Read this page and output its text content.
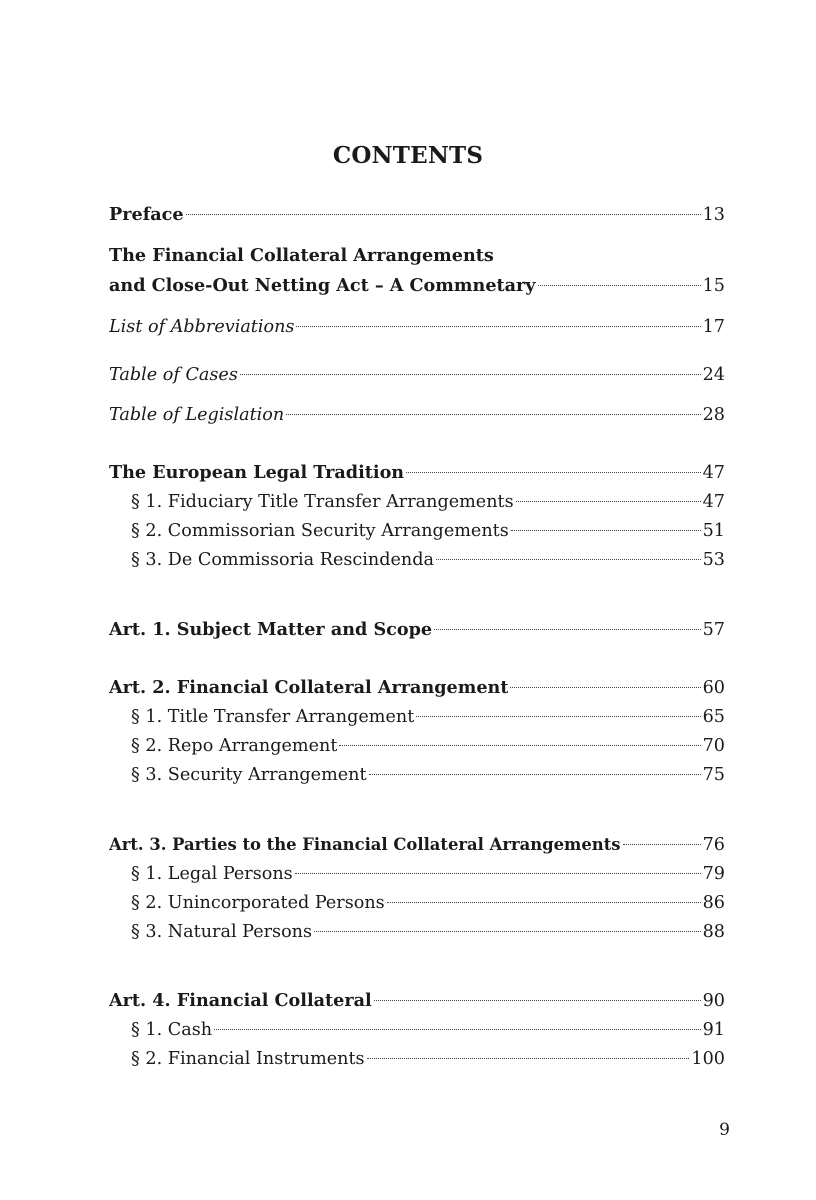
CONTENTS
Preface	13
The Financial Collateral Arrangements
and Close-Out Netting Act – A Commnetary	15
List of Abbreviations	17
Table of Cases	24
Table of Legislation	28
The European Legal Tradition	47
§ 1. Fiduciary Title Transfer Arrangements	47
§ 2. Commissorian Security Arrangements	51
§ 3. De Commissoria Rescindenda	53
Art. 1. Subject Matter and Scope	57
Art. 2. Financial Collateral Arrangement	60
§ 1. Title Transfer Arrangement	65
§ 2. Repo Arrangement	70
§ 3. Security Arrangement	75
Art. 3. Parties to the Financial Collateral Arrangements	76
§ 1. Legal Persons	79
§ 2. Unincorporated Persons	86
§ 3. Natural Persons	88
Art. 4. Financial Collateral	90
§ 1. Cash	91
§ 2. Financial Instruments	100
9
